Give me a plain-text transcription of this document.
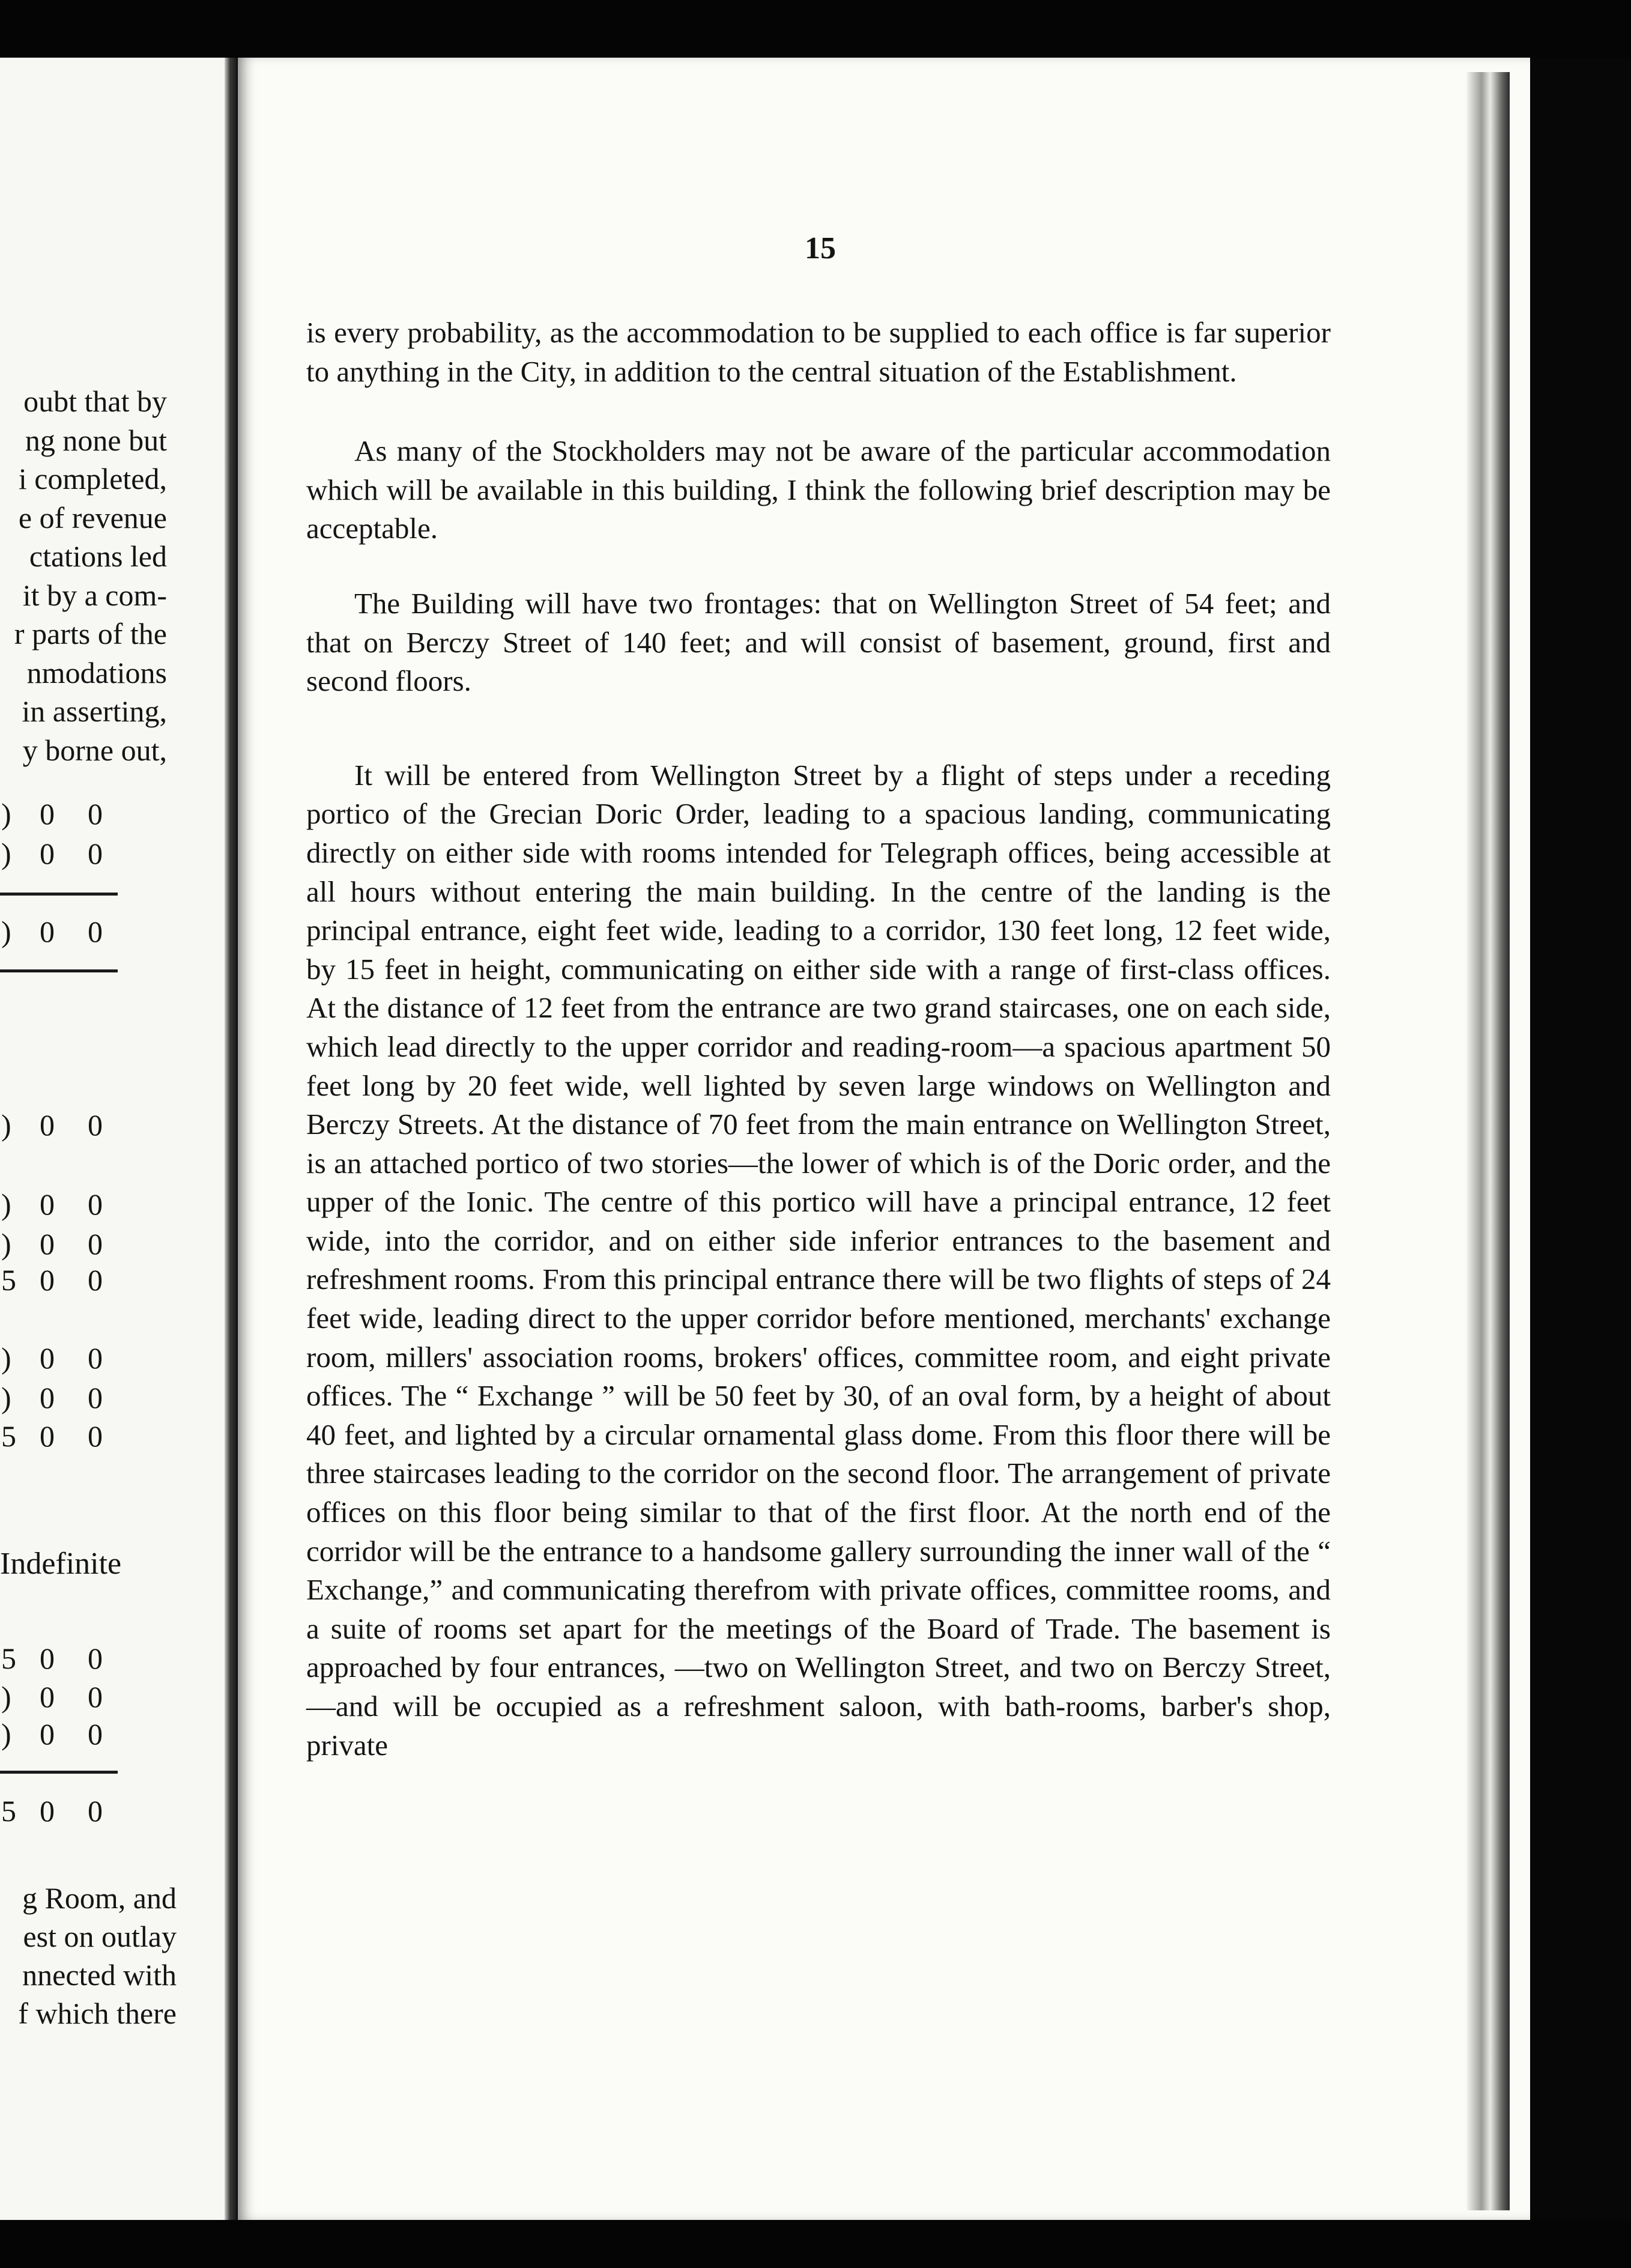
oubt that by
ng none but
i completed,
e of revenue
ctations led
it by a com-
r parts of the
nmodations
in asserting,
y borne out,
) 0 0
) 0 0
) 0 0
) 0 0
) 0 0
) 0 0
5 0 0
) 0 0
) 0 0
5 0 0
5 0 0
) 0 0
) 0 0
5 0 0
Indefinite
g Room, and
est on outlay
nnected with
f which there
15

is every probability, as the accommodation to be supplied to each office is far superior to anything in the City, in addition to the central situation of the Establishment.

As many of the Stockholders may not be aware of the particular accommodation which will be available in this building, I think the following brief description may be acceptable.

The Building will have two frontages: that on Wellington Street of 54 feet; and that on Berczy Street of 140 feet; and will consist of basement, ground, first and second floors.

It will be entered from Wellington Street by a flight of steps under a receding portico of the Grecian Doric Order, leading to a spacious landing, communicating directly on either side with rooms intended for Telegraph offices, being accessible at all hours without entering the main building. In the centre of the landing is the principal entrance, eight feet wide, leading to a corridor, 130 feet long, 12 feet wide, by 15 feet in height, communicating on either side with a range of first-class offices. At the distance of 12 feet from the entrance are two grand staircases, one on each side, which lead directly to the upper corridor and reading-room—a spacious apartment 50 feet long by 20 feet wide, well lighted by seven large windows on Wellington and Berczy Streets. At the distance of 70 feet from the main entrance on Wellington Street, is an attached portico of two stories—the lower of which is of the Doric order, and the upper of the Ionic. The centre of this portico will have a principal entrance, 12 feet wide, into the corridor, and on either side inferior entrances to the basement and refreshment rooms. From this principal entrance there will be two flights of steps of 24 feet wide, leading direct to the upper corridor before mentioned, merchants' exchange room, millers' association rooms, brokers' offices, committee room, and eight private offices. The “ Exchange ” will be 50 feet by 30, of an oval form, by a height of about 40 feet, and lighted by a circular ornamental glass dome. From this floor there will be three staircases leading to the corridor on the second floor. The arrangement of private offices on this floor being similar to that of the first floor. At the north end of the corridor will be the entrance to a handsome gallery surrounding the inner wall of the “ Exchange,” and communicating therefrom with private offices, committee rooms, and a suite of rooms set apart for the meetings of the Board of Trade. The basement is approached by four entrances, —two on Wellington Street, and two on Berczy Street,—and will be occupied as a refreshment saloon, with bath-rooms, barber's shop, private
